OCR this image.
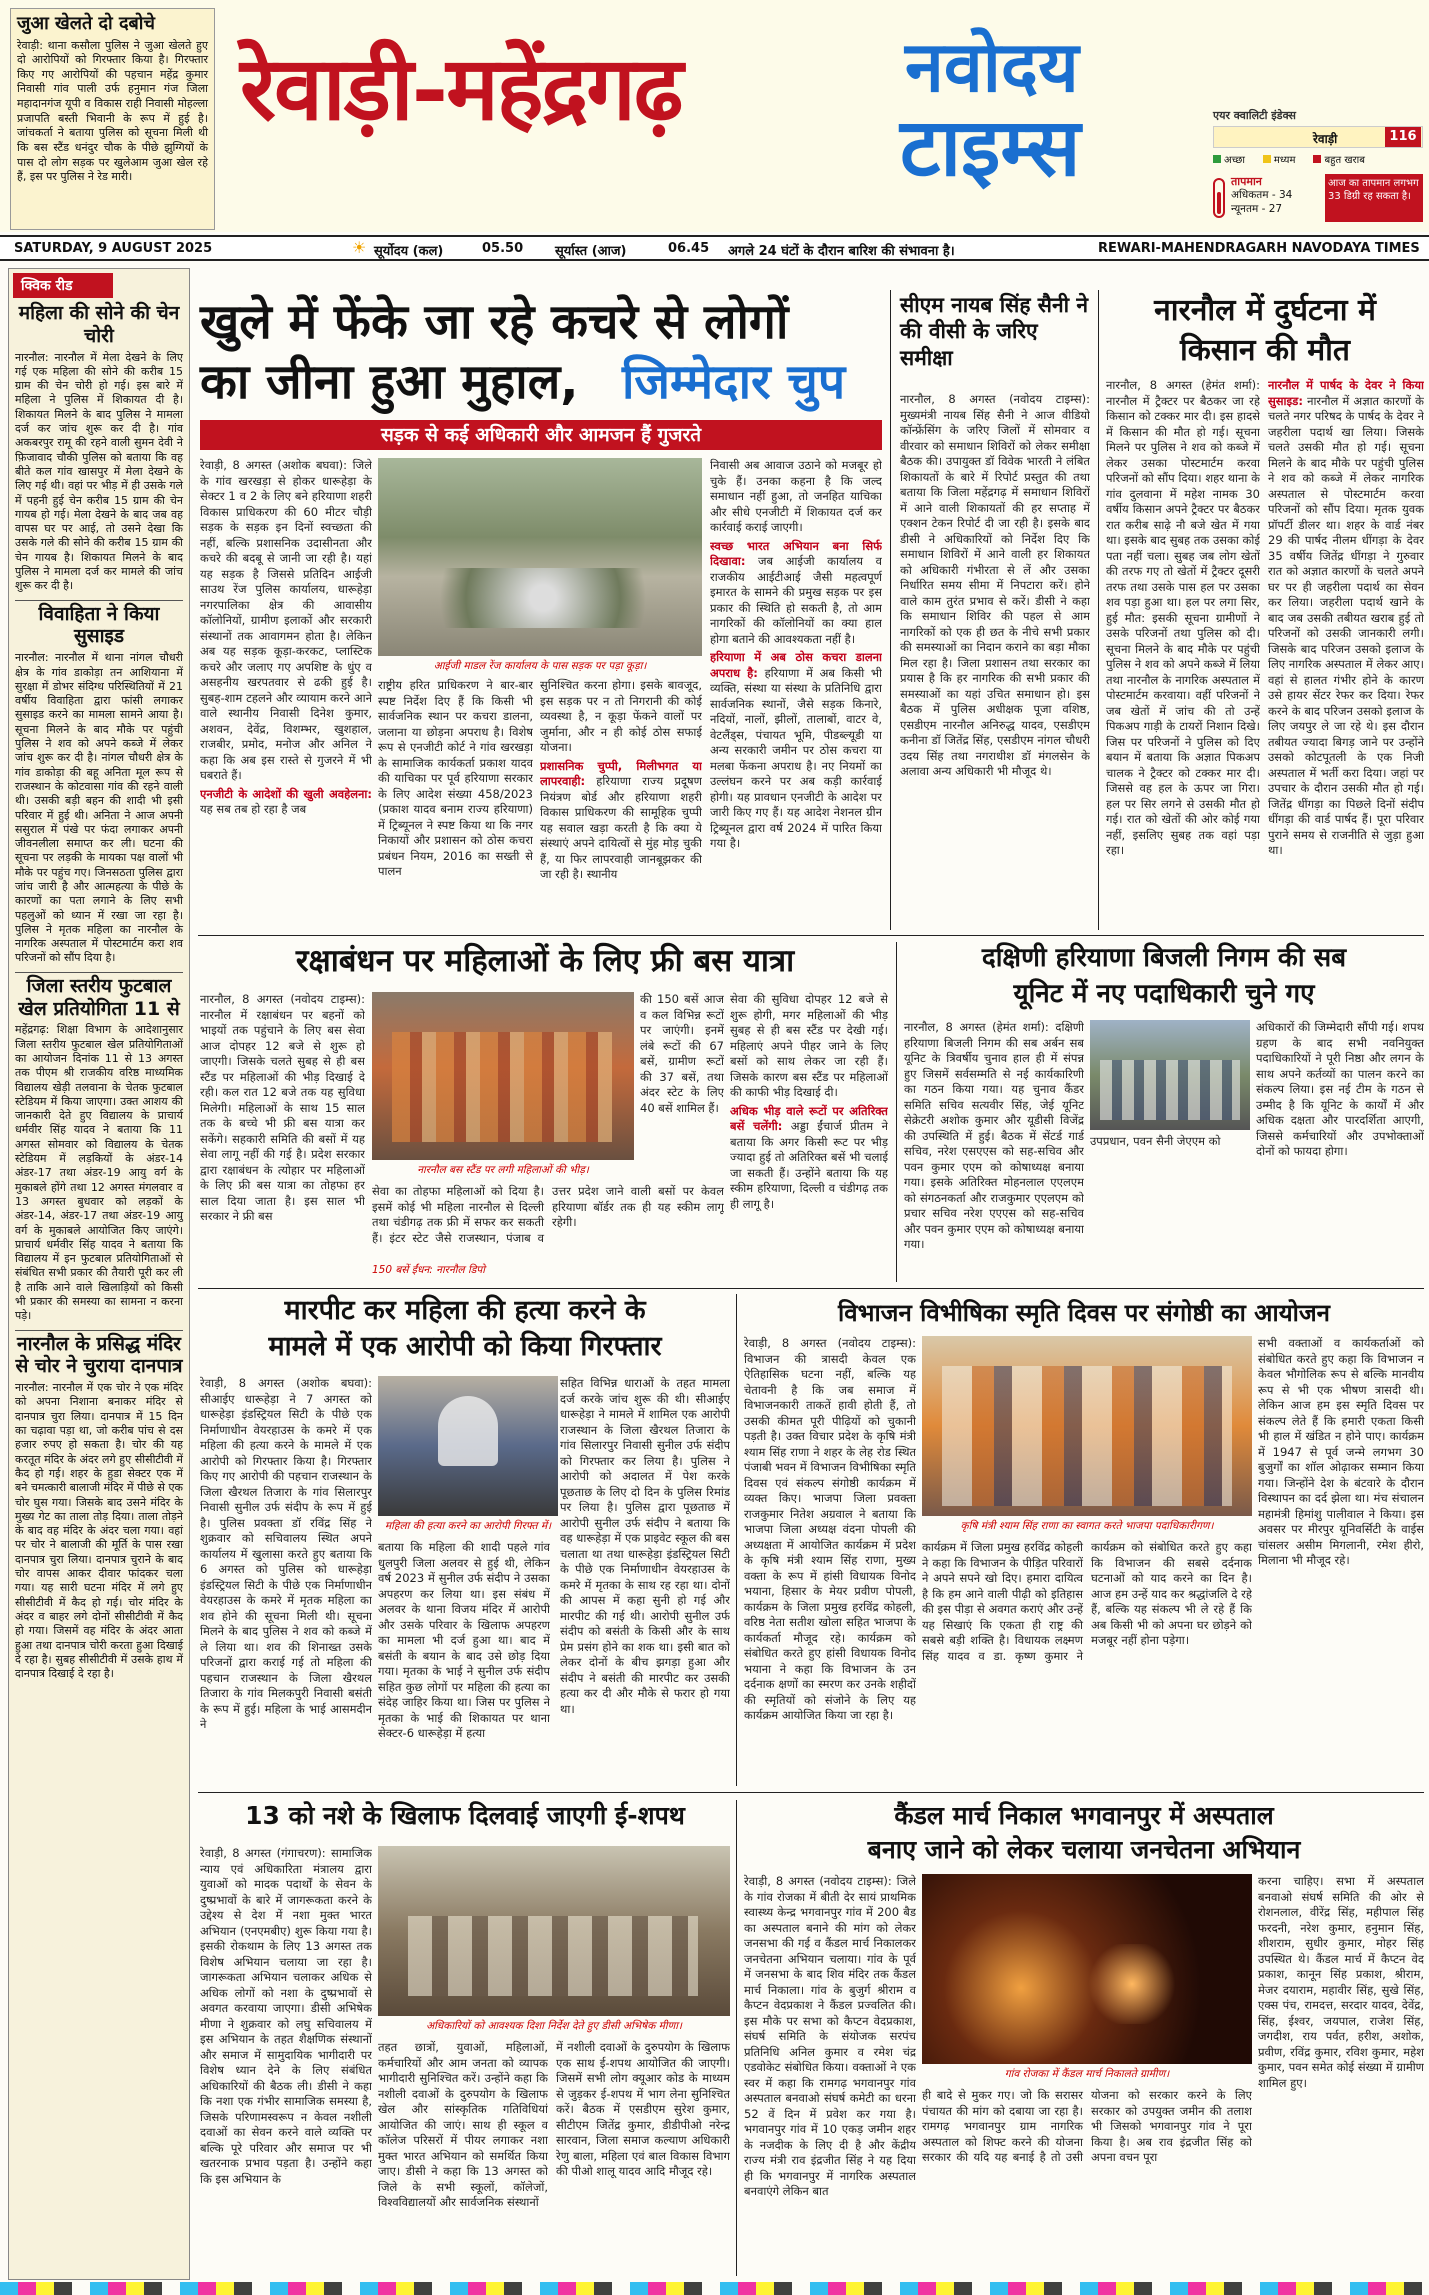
जुआ खेलते दो दबोचे
रेवाड़ी: थाना कसौला पुलिस ने जुआ खेलते हुए दो आरोपियों को गिरफ्तार किया है। गिरफ्तार किए गए आरोपियों की पहचान महेंद्र कुमार निवासी गांव पाली उर्फ हनुमान गंज जिला महादानगंज यूपी व विकास राही निवासी मोहल्ला प्रजापति बस्ती भिवानी के रूप में हुई है। जांचकर्ता ने बताया पुलिस को सूचना मिली थी कि बस स्टैंड धनंदुर चौक के पीछे झुग्गियों के पास दो लोग सड़क पर खुलेआम जुआ खेल रहे हैं, इस पर पुलिस ने रेड मारी।
रेवाड़ी-महेंद्रगढ़	नवोदय
टाइम्स	एयर क्वालिटी इंडेक्स
रेवाड़ी	116
अच्छा	मध्यम	बहुत खराब
तापमान
अधिकतम - 34
न्यूनतम - 27
आज का तापमान लगभग 33 डिग्री रह सकता है।
SATURDAY, 9 AUGUST 2025	☀ सूर्योदय (कल)	05.50 सूर्यास्त (आज)	06.45 अगले 24 घंटों के दौरान बारिश की संभावना है।	REWARI-MAHENDRAGARH NAVODAYA TIMES
क्विक रीड
महिला की सोने की चेन चोरी
नारनौल: नारनौल में मेला देखने के लिए गई एक महिला की सोने की करीब 15 ग्राम की चेन चोरी हो गई। इस बारे में महिला ने पुलिस में शिकायत दी है। शिकायत मिलने के बाद पुलिस ने मामला दर्ज कर जांच शुरू कर दी है। गांव अकबरपुर रामू की रहने वाली सुमन देवी ने फ़िजावाद चौकी पुलिस को बताया कि वह बीते कल गांव खासपुर में मेला देखने के लिए गई थी। वहां पर भीड़ में ही उसके गले में पहनी हुई चेन करीब 15 ग्राम की चेन गायब हो गई। मेला देखने के बाद जब वह वापस घर पर आई, तो उसने देखा कि उसके गले की सोने की करीब 15 ग्राम की चेन गायब है। शिकायत मिलने के बाद पुलिस ने मामला दर्ज कर मामले की जांच शुरू कर दी है।
विवाहिता ने किया सुसाइड
नारनौल: नारनौल में थाना नांगल चौधरी क्षेत्र के गांव डाकोड़ा तन आशियाना में सुरक्षा में डोभर संदिग्ध परिस्थितियों में 21 वर्षीय विवाहिता द्वारा फांसी लगाकर सुसाइड करने का मामला सामने आया है। सूचना मिलने के बाद मौके पर पहुंची पुलिस ने शव को अपने कब्जे में लेकर जांच शुरू कर दी है। नांगल चौधरी क्षेत्र के गांव डाकोड़ा की बहू अनिता मूल रूप से राजस्थान के कोटवासा गांव की रहने वाली थी। उसकी बड़ी बहन की शादी भी इसी परिवार में हुई थी। अनिता ने आज अपनी ससुराल में पंखे पर फंदा लगाकर अपनी जीवनलीला समाप्त कर ली। घटना की सूचना पर लड़की के मायका पक्ष वालों भी मौके पर पहुंच गए। जिनसठता पुलिस द्वारा जांच जारी है और आत्महत्या के पीछे के कारणों का पता लगाने के लिए सभी पहलुओं को ध्यान में रखा जा रहा है। पुलिस ने मृतक महिला का नारनौल के नागरिक अस्पताल में पोस्टमार्टम करा शव परिजनों को सौंप दिया है।
जिला स्तरीय फुटबाल खेल प्रतियोगिता 11 से
महेंद्रगढ़: शिक्षा विभाग के आदेशानुसार जिला स्तरीय फुटबाल खेल प्रतियोगिताओं का आयोजन दिनांक 11 से 13 अगस्त तक पीएम श्री राजकीय वरिष्ठ माध्यमिक विद्यालय खेड़ी तलवाना के चेतक फुटबाल स्टेडियम में किया जाएगा। उक्त आशय की जानकारी देते हुए विद्यालय के प्राचार्य धर्मवीर सिंह यादव ने बताया कि 11 अगस्त सोमवार को विद्यालय के चेतक स्टेडियम में लड़कियों के अंडर-14 अंडर-17 तथा अंडर-19 आयु वर्ग के मुकाबले होंगे तथा 12 अगस्त मंगलवार व 13 अगस्त बुधवार को लड़कों के अंडर-14, अंडर-17 तथा अंडर-19 आयु वर्ग के मुकाबले आयोजित किए जाएंगे। प्राचार्य धर्मवीर सिंह यादव ने बताया कि विद्यालय में इन फुटबाल प्रतियोगिताओं से संबंधित सभी प्रकार की तैयारी पूरी कर ली है ताकि आने वाले खिलाड़ियों को किसी भी प्रकार की समस्या का सामना न करना पड़े।
नारनौल के प्रसिद्ध मंदिर से चोर ने चुराया दानपात्र
नारनौल: नारनौल में एक चोर ने एक मंदिर को अपना निशाना बनाकर मंदिर से दानपात्र चुरा लिया। दानपात्र में 15 दिन का चढ़ावा पड़ा था, जो करीब पांच से दस हजार रुपए हो सकता है। चोर की यह करतूत मंदिर के अंदर लगे हुए सीसीटीवी में कैद हो गई। शहर के हुडा सेक्टर एक में बने चमत्कारी बालाजी मंदिर में पीछे से एक चोर घुस गया। जिसके बाद उसने मंदिर के मुख्य गेट का ताला तोड़ दिया। ताला तोड़ने के बाद वह मंदिर के अंदर चला गया। वहां पर चोर ने बालाजी की मूर्ति के पास रखा दानपात्र चुरा लिया। दानपात्र चुराने के बाद चोर वापस आकर दीवार फांदकर चला गया। यह सारी घटना मंदिर में लगे हुए सीसीटीवी में कैद हो गई। चोर मंदिर के अंदर व बाहर लगे दोनों सीसीटीवी में कैद हो गया। जिसमें वह मंदिर के अंदर आता हुआ तथा दानपात्र चोरी करता हुआ दिखाई दे रहा है। सुबह सीसीटीवी में उसके हाथ में दानपात्र दिखाई दे रहा है।
खुले में फेंके जा रहे कचरे से लोगों
का जीना हुआ मुहाल, जिम्मेदार चुप
सड़क से कई अधिकारी और आमजन हैं गुजरते

रेवाड़ी, 8 अगस्त (अशोक बघवा): जिले के गांव खरखड़ा से होकर धारूहेड़ा के सेक्टर 1 व 2 के लिए बने हरियाणा शहरी विकास प्राधिकरण की 60 मीटर चौड़ी सड़क के सड़क इन दिनों स्वच्छता की नहीं, बल्कि प्रशासनिक उदासीनता और कचरे की बदबू से जानी जा रही है। यहां यह सड़क है जिससे प्रतिदिन आईजी साउथ रेंज पुलिस कार्यालय, धारूहेड़ा नगरपालिका क्षेत्र की आवासीय कॉलोनियों, ग्रामीण इलाकों और सरकारी संस्थानों तक आवागमन होता है। लेकिन अब यह सड़क कूड़ा-करकट, प्लास्टिक कचरे और जलाए गए अपशिष्ट के धुंए व असहनीय खरपतवार से ढकी हुई है। सुबह-शाम टहलने और व्यायाम करने आने वाले स्थानीय निवासी दिनेश कुमार, अशवन, देवेंद्र, विशम्भर, खुशहाल, राजबीर, प्रमोद, मनोज और अनिल ने कहा कि अब इस रास्ते से गुजरने में भी घबराते हैं।

एनजीटी के आदेशों की खुली अवहेलना: यह सब तब हो रहा है जब

आईजी माडल रेंज कार्यालय के पास सड़क पर पड़ा कूड़ा।

राष्ट्रीय हरित प्राधिकरण ने बार-बार स्पष्ट निर्देश दिए हैं कि किसी भी सार्वजनिक स्थान पर कचरा डालना, जलाना या छोड़ना अपराध है। विशेष रूप से एनजीटी कोर्ट ने गांव खरखड़ा के सामाजिक कार्यकर्ता प्रकाश यादव की याचिका पर पूर्व हरियाणा सरकार के लिए आदेश संख्या 458/2023 (प्रकाश यादव बनाम राज्य हरियाणा) में ट्रिब्यूनल ने स्पष्ट किया था कि नगर निकायों और प्रशासन को ठोस कचरा प्रबंधन नियम, 2016 का सख्ती से पालन

सुनिश्चित करना होगा। इसके बावजूद, इस सड़क पर न तो निगरानी की कोई व्यवस्था है, न कूड़ा फेंकने वालों पर जुर्माना, और न ही कोई ठोस सफाई योजना।

प्रशासनिक चुप्पी, मिलीभगत या लापरवाही: हरियाणा राज्य प्रदूषण नियंत्रण बोर्ड और हरियाणा शहरी विकास प्राधिकरण की सामूहिक चुप्पी यह सवाल खड़ा करती है कि क्या ये संस्थाएं अपने दायित्वों से मुंह मोड़ चुकी हैं, या फिर लापरवाही जानबूझकर की जा रही है। स्थानीय

निवासी अब आवाज उठाने को मजबूर हो चुके हैं। उनका कहना है कि जल्द समाधान नहीं हुआ, तो जनहित याचिका और सीधे एनजीटी में शिकायत दर्ज कर कार्रवाई कराई जाएगी।

स्वच्छ भारत अभियान बना सिर्फ दिखावा: जब आईजी कार्यालय व राजकीय आईटीआई जैसी महत्वपूर्ण इमारत के सामने की प्रमुख सड़क पर इस प्रकार की स्थिति हो सकती है, तो आम नागरिकों की कॉलोनियों का क्या हाल होगा बताने की आवश्यकता नहीं है।

हरियाणा में अब ठोस कचरा डालना अपराध है: हरियाणा में अब किसी भी व्यक्ति, संस्था या संस्था के प्रतिनिधि द्वारा सार्वजनिक स्थानों, जैसे सड़क किनारे, नदियों, नालों, झीलों, तालाबों, वाटर वे, वेटलैंड्स, पंचायत भूमि, पीडब्ल्यूडी या अन्य सरकारी जमीन पर ठोस कचरा या मलबा फेंकना अपराध है। नए नियमों का उल्लंघन करने पर अब कड़ी कार्रवाई होगी। यह प्रावधान एनजीटी के आदेश पर जारी किए गए हैं। यह आदेश नेशनल ग्रीन ट्रिब्यूनल द्वारा वर्ष 2024 में पारित किया गया है।

सीएम नायब सिंह सैनी ने की वीसी के जरिए समीक्षा
नारनौल, 8 अगस्त (नवोदय टाइम्स): मुख्यमंत्री नायब सिंह सैनी ने आज वीडियो कॉन्फ्रेंसिंग के जरिए जिलों में सोमवार व वीरवार को समाधान शिविरों को लेकर समीक्षा बैठक की। उपायुक्त डॉ विवेक भारती ने लंबित शिकायतों के बारे में रिपोर्ट प्रस्तुत की तथा बताया कि जिला महेंद्रगढ़ में समाधान शिविरों में आने वाली शिकायतों की हर सप्ताह में एक्शन टेकन रिपोर्ट दी जा रही है। इसके बाद डीसी ने अधिकारियों को निर्देश दिए कि समाधान शिविरों में आने वाली हर शिकायत को अधिकारी गंभीरता से लें और उसका निर्धारित समय सीमा में निपटारा करें। होने वाले काम तुरंत प्रभाव से करें। डीसी ने कहा कि समाधान शिविर की पहल से आम नागरिकों को एक ही छत के नीचे सभी प्रकार की समस्याओं का निदान कराने का बड़ा मौका मिल रहा है। जिला प्रशासन तथा सरकार का प्रयास है कि हर नागरिक की सभी प्रकार की समस्याओं का यहां उचित समाधान हो। इस बैठक में पुलिस अधीक्षक पूजा वशिष्ठ, एसडीएम नारनौल अनिरुद्ध यादव, एसडीएम कनीना डॉ जितेंद्र सिंह, एसडीएम नांगल चौधरी उदय सिंह तथा नगराधीश डॉ मंगलसेन के अलावा अन्य अधिकारी भी मौजूद थे।
नारनौल में दुर्घटना में
किसान की मौत

नारनौल, 8 अगस्त (हेमंत शर्मा): नारनौल में ट्रैक्टर पर बैठकर जा रहे किसान को टक्कर मार दी। इस हादसे में किसान की मौत हो गई। सूचना मिलने पर पुलिस ने शव को कब्जे में लेकर उसका पोस्टमार्टम करवा परिजनों को सौंप दिया। शहर थाना के गांव दुलवाना में महेश नामक 30 वर्षीय किसान अपने ट्रैक्टर पर बैठकर रात करीब साढ़े नौ बजे खेत में गया था। इसके बाद सुबह तक उसका कोई पता नहीं चला। सुबह जब लोग खेतों की तरफ गए तो खेतों में ट्रैक्टर दूसरी तरफ तथा उसके पास हल पर उसका शव पड़ा हुआ था। हल पर लगा सिर, हुई मौत: इसकी सूचना ग्रामीणों ने उसके परिजनों तथा पुलिस को दी। सूचना मिलने के बाद मौके पर पहुंची पुलिस ने शव को अपने कब्जे में लिया तथा नारनौल के नागरिक अस्पताल में पोस्टमार्टम करवाया। वहीं परिजनों ने जब खेतों में जांच की तो उन्हें पिकअप गाड़ी के टायरों निशान दिखे। जिस पर परिजनों ने पुलिस को दिए बयान में बताया कि अज्ञात पिकअप चालक ने ट्रैक्टर को टक्कर मार दी। जिससे वह हल के ऊपर जा गिरा। हल पर सिर लगने से उसकी मौत हो गई। रात को खेतों की ओर कोई गया नहीं, इसलिए सुबह तक वहां पड़ा रहा।

नारनौल में पार्षद के देवर ने किया सुसाइड: नारनौल में अज्ञात कारणों के चलते नगर परिषद के पार्षद के देवर ने जहरीला पदार्थ खा लिया। जिसके चलते उसकी मौत हो गई। सूचना मिलने के बाद मौके पर पहुंची पुलिस ने शव को कब्जे में लेकर नागरिक अस्पताल से पोस्टमार्टम करवा परिजनों को सौंप दिया। मृतक युवक प्रॉपर्टी डीलर था। शहर के वार्ड नंबर 29 की पार्षद नीलम धींगड़ा के देवर 35 वर्षीय जितेंद्र धींगड़ा ने गुरुवार रात को अज्ञात कारणों के चलते अपने घर पर ही जहरीला पदार्थ का सेवन कर लिया। जहरीला पदार्थ खाने के बाद जब उसकी तबीयत खराब हुई तो परिजनों को उसकी जानकारी लगी। जिसके बाद परिजन उसको इलाज के लिए नागरिक अस्पताल में लेकर आए। वहां से हालत गंभीर होने के कारण उसे हायर सेंटर रेफर कर दिया। रेफर करने के बाद परिजन उसको इलाज के लिए जयपुर ले जा रहे थे। इस दौरान तबीयत ज्यादा बिगड़ जाने पर उन्होंने उसको कोटपूतली के एक निजी अस्पताल में भर्ती करा दिया। जहां पर उपचार के दौरान उसकी मौत हो गई। जितेंद्र धींगड़ा का पिछले दिनों संदीप धींगड़ा की वार्ड पार्षद हैं। पूरा परिवार पुराने समय से राजनीति से जुड़ा हुआ था।

रक्षाबंधन पर महिलाओं के लिए फ्री बस यात्रा
नारनौल, 8 अगस्त (नवोदय टाइम्स): नारनौल में रक्षाबंधन पर बहनों को भाइयों तक पहुंचाने के लिए बस सेवा आज दोपहर 12 बजे से शुरू हो जाएगी। जिसके चलते सुबह से ही बस स्टैंड पर महिलाओं की भीड़ दिखाई दे रही। कल रात 12 बजे तक यह सुविधा मिलेगी। महिलाओं के साथ 15 साल तक के बच्चे भी फ्री बस यात्रा कर सकेंगे। सहकारी समिति की बसों में यह सेवा लागू नहीं की गई है। प्रदेश सरकार द्वारा रक्षाबंधन के त्योहार पर महिलाओं के लिए फ्री बस यात्रा का तोहफा हर साल दिया जाता है। इस साल भी सरकार ने फ्री बस
नारनौल बस स्टैंड पर लगी महिलाओं की भीड़।
की 150 बसें आज व कल विभिन्न रूटों पर जाएंगी। इनमें लंबे रूटों की 67 बसें, ग्रामीण रूटों की 37 बसें, तथा अंदर स्टेट के लिए 40 बसें शामिल हैं।
सेवा का तोहफा महिलाओं को दिया है। इसमें कोई भी महिला नारनौल से दिल्ली तथा चंडीगढ़ तक फ्री में सफर कर सकती हैं। इंटर स्टेट जैसे राजस्थान, पंजाब व उत्तर प्रदेश जाने वाली बसों पर केवल हरियाणा बॉर्डर तक ही यह स्कीम लागू रहेगी।
150 बसें ईंधन: नारनौल डिपो

सेवा की सुविधा दोपहर 12 बजे से शुरू होगी, मगर महिलाओं की भीड़ सुबह से ही बस स्टैंड पर देखी गई। महिलाएं अपने पीहर जाने के लिए बसों को साथ लेकर जा रही हैं। जिसके कारण बस स्टैंड पर महिलाओं की काफी भीड़ दिखाई दी।

अधिक भीड़ वाले रूटों पर अतिरिक्त बसें चलेंगी: अड्डा ईंचार्ज प्रीतम ने बताया कि अगर किसी रूट पर भीड़ ज्यादा हुई तो अतिरिक्त बसें भी चलाई जा सकती हैं। उन्होंने बताया कि यह स्कीम हरियाणा, दिल्ली व चंडीगढ़ तक ही लागू है।

दक्षिणी हरियाणा बिजली निगम की सब
यूनिट में नए पदाधिकारी चुने गए
नारनौल, 8 अगस्त (हेमंत शर्मा): दक्षिणी हरियाणा बिजली निगम की सब अर्बन सब यूनिट के त्रिवर्षीय चुनाव हाल ही में संपन्न हुए जिसमें सर्वसम्मति से नई कार्यकारिणी का गठन किया गया। यह चुनाव कैंडर समिति सचिव सत्यवीर सिंह, जेई यूनिट सेक्रेटरी अशोक कुमार और यूडीसी विजेंद्र की उपस्थिति में हुई। बैठक में सेंटर्ड गार्ड सचिव, नरेश एसएएस को सह-सचिव और पवन कुमार एएम को कोषाध्यक्ष बनाया गया। इसके अतिरिक्त मोहनलाल एएलएम को संगठनकर्ता और राजकुमार एएलएम को प्रचार सचिव नरेश एएएस को सह-सचिव और पवन कुमार एएम को कोषाध्यक्ष बनाया गया।
उपप्रधान, पवन सैनी जेएएम को
अधिकारों की जिम्मेदारी सौंपी गई। शपथ ग्रहण के बाद सभी नवनियुक्त पदाधिकारियों ने पूरी निष्ठा और लगन के साथ अपने कर्तव्यों का पालन करने का संकल्प लिया। इस नई टीम के गठन से उम्मीद है कि यूनिट के कार्यों में और अधिक दक्षता और पारदर्शिता आएगी, जिससे कर्मचारियों और उपभोक्ताओं दोनों को फायदा होगा।
मारपीट कर महिला की हत्या करने के
मामले में एक आरोपी को किया गिरफ्तार
रेवाड़ी, 8 अगस्त (अशोक बघवा): सीआईए धारूहेड़ा ने 7 अगस्त को धारूहेड़ा इंडस्ट्रियल सिटी के पीछे एक निर्माणाधीन वेयरहाउस के कमरे में एक महिला की हत्या करने के मामले में एक आरोपी को गिरफ्तार किया है। गिरफ्तार किए गए आरोपी की पहचान राजस्थान के जिला खैरथल तिजारा के गांव सिलारपुर निवासी सुनील उर्फ संदीप के रूप में हुई है। पुलिस प्रवक्ता डॉ रविंद्र सिंह ने शुक्रवार को सचिवालय स्थित अपने कार्यालय में खुलासा करते हुए बताया कि 6 अगस्त को पुलिस को धारूहेड़ा इंडस्ट्रियल सिटी के पीछे एक निर्माणाधीन वेयरहाउस के कमरे में मृतक महिला का शव होने की सूचना मिली थी। सूचना मिलने के बाद पुलिस ने शव को कब्जे में ले लिया था। शव की शिनाख्त उसके परिजनों द्वारा कराई गई तो महिला की पहचान राजस्थान के जिला खैरथल तिजारा के गांव मिलकपुरी निवासी बसंती के रूप में हुई। महिला के भाई आसमदीन ने
महिला की हत्या करने का आरोपी गिरफ्त में।
बताया कि महिला की शादी पहले गांव धुलपुरी जिला अलवर से हुई थी, लेकिन वर्ष 2023 में सुनील उर्फ संदीप ने उसका अपहरण कर लिया था। इस संबंध में अलवर के थाना विजय मंदिर में आरोपी और उसके परिवार के खिलाफ अपहरण का मामला भी दर्ज हुआ था। बाद में बसंती के बयान के बाद उसे छोड़ दिया गया। मृतका के भाई ने सुनील उर्फ संदीप सहित कुछ लोगों पर महिला की हत्या का संदेह जाहिर किया था। जिस पर पुलिस ने मृतका के भाई की शिकायत पर थाना सेक्टर-6 धारूहेड़ा में हत्या
सहित विभिन्न धाराओं के तहत मामला दर्ज करके जांच शुरू की थी। सीआईए धारूहेड़ा ने मामले में शामिल एक आरोपी राजस्थान के जिला खैरथल तिजारा के गांव सिलारपुर निवासी सुनील उर्फ संदीप को गिरफ्तार कर लिया है। पुलिस ने आरोपी को अदालत में पेश करके पूछताछ के लिए दो दिन के पुलिस रिमांड पर लिया है। पुलिस द्वारा पूछताछ में आरोपी सुनील उर्फ संदीप ने बताया कि वह धारूहेड़ा में एक प्राइवेट स्कूल की बस चलाता था तथा धारूहेड़ा इंडस्ट्रियल सिटी के पीछे एक निर्माणाधीन वेयरहाउस के कमरे में मृतका के साथ रह रहा था। दोनों की आपस में कहा सुनी हो गई और मारपीट की गई थी। आरोपी सुनील उर्फ संदीप को बसंती के किसी और के साथ प्रेम प्रसंग होने का शक था। इसी बात को लेकर दोनों के बीच झगड़ा हुआ और संदीप ने बसंती की मारपीट कर उसकी हत्या कर दी और मौके से फरार हो गया था।
विभाजन विभीषिका स्मृति दिवस पर संगोष्ठी का आयोजन
रेवाड़ी, 8 अगस्त (नवोदय टाइम्स): विभाजन की त्रासदी केवल एक ऐतिहासिक घटना नहीं, बल्कि यह चेतावनी है कि जब समाज में विभाजनकारी ताकतें हावी होती हैं, तो उसकी कीमत पूरी पीढ़ियों को चुकानी पड़ती है। उक्त विचार प्रदेश के कृषि मंत्री श्याम सिंह राणा ने शहर के लेह रोड स्थित पंजाबी भवन में विभाजन विभीषिका स्मृति दिवस एवं संकल्प संगोष्ठी कार्यक्रम में व्यक्त किए। भाजपा जिला प्रवक्ता राजकुमार नितेश अग्रवाल ने बताया कि भाजपा जिला अध्यक्ष वंदना पोपली की अध्यक्षता में आयोजित कार्यक्रम में प्रदेश के कृषि मंत्री श्याम सिंह राणा, मुख्य वक्ता के रूप में हांसी विधायक विनोद भयाना, हिसार के मेयर प्रवीण पोपली, कार्यक्रम के जिला प्रमुख हरविंद्र कोहली, वरिष्ठ नेता सतीश खोला सहित भाजपा के कार्यकर्ता मौजूद रहे। कार्यक्रम को संबोधित करते हुए हांसी विधायक विनोद भयाना ने कहा कि विभाजन के उन दर्दनाक क्षणों का स्मरण कर उनके शहीदों की स्मृतियों को संजोने के लिए यह कार्यक्रम आयोजित किया जा रहा है।
कृषि मंत्री श्याम सिंह राणा का स्वागत करते भाजपा पदाधिकारीगण।
कार्यक्रम में जिला प्रमुख हरविंद्र कोहली ने कहा कि विभाजन के पीड़ित परिवारों ने अपने सपने खो दिए। हमारा दायित्व है कि हम आने वाली पीढ़ी को इतिहास की इस पीड़ा से अवगत कराएं और उन्हें यह सिखाएं कि एकता ही राष्ट्र की सबसे बड़ी शक्ति है। विधायक लक्ष्मण सिंह यादव व डा. कृष्ण कुमार ने कार्यक्रम को संबोधित करते हुए कहा कि विभाजन की सबसे दर्दनाक घटनाओं को याद करने का दिन है। आज हम उन्हें याद कर श्रद्धांजलि दे रहे हैं, बल्कि यह संकल्प भी ले रहे हैं कि अब किसी भी को अपना घर छोड़ने को मजबूर नहीं होना पड़ेगा।
सभी वक्ताओं व कार्यकर्ताओं को संबोधित करते हुए कहा कि विभाजन न केवल भौगोलिक रूप से बल्कि मानवीय रूप से भी एक भीषण त्रासदी थी। लेकिन आज हम इस स्मृति दिवस पर संकल्प लेते हैं कि हमारी एकता किसी भी हाल में खंडित न होने पाए। कार्यक्रम में 1947 से पूर्व जन्मे लगभग 30 बुजुर्गों का शॉल ओढ़ाकर सम्मान किया गया। जिन्होंने देश के बंटवारे के दौरान विस्थापन का दर्द झेला था। मंच संचालन महामंत्री हिमांशु पालीवाल ने किया। इस अवसर पर मीरपुर यूनिवर्सिटी के वाईस चांसलर असीम मिगलानी, रमेश हीरो, मिलाना भी मौजूद रहे।
13 को नशे के खिलाफ दिलवाई जाएगी ई-शपथ
रेवाड़ी, 8 अगस्त (गंगाचरण): सामाजिक न्याय एवं अधिकारिता मंत्रालय द्वारा युवाओं को मादक पदार्थों के सेवन के दुष्प्रभावों के बारे में जागरूकता करने के उद्देश्य से देश में नशा मुक्त भारत अभियान (एनएमबीए) शुरू किया गया है। इसकी रोकथाम के लिए 13 अगस्त तक विशेष अभियान चलाया जा रहा है। जागरूकता अभियान चलाकर अधिक से अधिक लोगों को नशा के दुष्प्रभावों से अवगत करवाया जाएगा। डीसी अभिषेक मीणा ने शुक्रवार को लघु सचिवालय में इस अभियान के तहत शैक्षणिक संस्थानों और समाज में सामुदायिक भागीदारी पर विशेष ध्यान देने के लिए संबंधित अधिकारियों की बैठक ली। डीसी ने कहा कि नशा एक गंभीर सामाजिक समस्या है, जिसके परिणामस्वरूप न केवल नशीली दवाओं का सेवन करने वाले व्यक्ति पर बल्कि पूरे परिवार और समाज पर भी खतरनाक प्रभाव पड़ता है। उन्होंने कहा कि इस अभियान के
अधिकारियों को आवश्यक दिशा निर्देश देते हुए डीसी अभिषेक मीणा।
तहत छात्रों, युवाओं, महिलाओं, कर्मचारियों और आम जनता को व्यापक भागीदारी सुनिश्चित करें। उन्होंने कहा कि नशीली दवाओं के दुरुपयोग के खिलाफ खेल और सांस्कृतिक गतिविधियां आयोजित की जाएं। साथ ही स्कूल व कॉलेज परिसरों में पीयर लगाकर नशा मुक्त भारत अभियान को समर्थित किया जाए। डीसी ने कहा कि 13 अगस्त को जिले के सभी स्कूलों, कॉलेजों, विश्वविद्यालयों और सार्वजनिक संस्थानों
में नशीली दवाओं के दुरुपयोग के खिलाफ एक साथ ई-शपथ आयोजित की जाएगी। जिसमें सभी लोग क्यूआर कोड के माध्यम से जुड़कर ई-शपथ में भाग लेना सुनिश्चित करें। बैठक में एसडीएम सुरेश कुमार, सीटीएम जितेंद्र कुमार, डीडीपीओ नरेन्द्र सारवान, जिला समाज कल्याण अधिकारी रेणु बाला, महिला एवं बाल विकास विभाग की पीओ शालू यादव आदि मौजूद रहे।
कैंडल मार्च निकाल भगवानपुर में अस्पताल
बनाए जाने को लेकर चलाया जनचेतना अभियान
रेवाड़ी, 8 अगस्त (नवोदय टाइम्स): जिले के गांव रोजका में बीती देर सायं प्राथमिक स्वास्थ्य केन्द्र भगवानपुर गांव में 200 बैड का अस्पताल बनाने की मांग को लेकर जनसभा की गई व कैंडल मार्च निकालकर जनचेतना अभियान चलाया। गांव के पूर्व में जनसभा के बाद शिव मंदिर तक कैंडल मार्च निकाला। गांव के बुजुर्ग श्रीराम व कैप्टन वेदप्रकाश ने कैंडल प्रज्वलित की। इस मौके पर सभा को कैप्टन वेदप्रकाश, संघर्ष समिति के संयोजक सरपंच प्रतिनिधि अनिल कुमार व रमेश चंद्र एडवोकेट संबोधित किया। वक्ताओं ने एक स्वर में कहा कि रामगढ़ भगवानपुर गांव अस्पताल बनवाओ संघर्ष कमेटी का धरना 52 वें दिन में प्रवेश कर गया है। भगवानपुर गांव में 10 एकड़ जमीन शहर के नजदीक के लिए दी है और केंद्रीय राज्य मंत्री राव इंद्रजीत सिंह ने यह दिया ही कि भगवानपुर में नागरिक अस्पताल बनवाएंगे लेकिन बात
गांव रोजका में कैंडल मार्च निकालते ग्रामीण।
ही बादे से मुकर गए। जो कि सरासर पंचायत की मांग को दबाया जा रहा है। रामगढ़ भगवानपुर ग्राम नागरिक अस्पताल को शिफ्ट करने की योजना सरकार की यदि यह बनाई है तो उसी योजना को सरकार करने के लिए सरकार को उपयुक्त जमीन की तलाश भी जिसको भगवानपुर गांव ने पूरा किया है। अब राव इंद्रजीत सिंह को अपना वचन पूरा
करना चाहिए। सभा में अस्पताल बनवाओ संघर्ष समिति की ओर से रोशनलाल, वीरेंद्र सिंह, महीपाल सिंह फरदनी, नरेश कुमार, हनुमान सिंह, शीशराम, सुधीर कुमार, मोहर सिंह उपस्थित थे। कैंडल मार्च में कैप्टन वेद प्रकाश, कानून सिंह प्रकाश, श्रीराम, मेजर दयाराम, महावीर सिंह, सुखे सिंह, एक्स पंच, रामदत्त, सरदार यादव, देवेंद्र, सिंह, ईश्वर, जयपाल, राजेश सिंह, जगदीश, राय पर्वत, हरीश, अशोक, प्रवीण, रविंद्र कुमार, रविश कुमार, महेश कुमार, पवन समेत कोई संख्या में ग्रामीण शामिल हुए।
